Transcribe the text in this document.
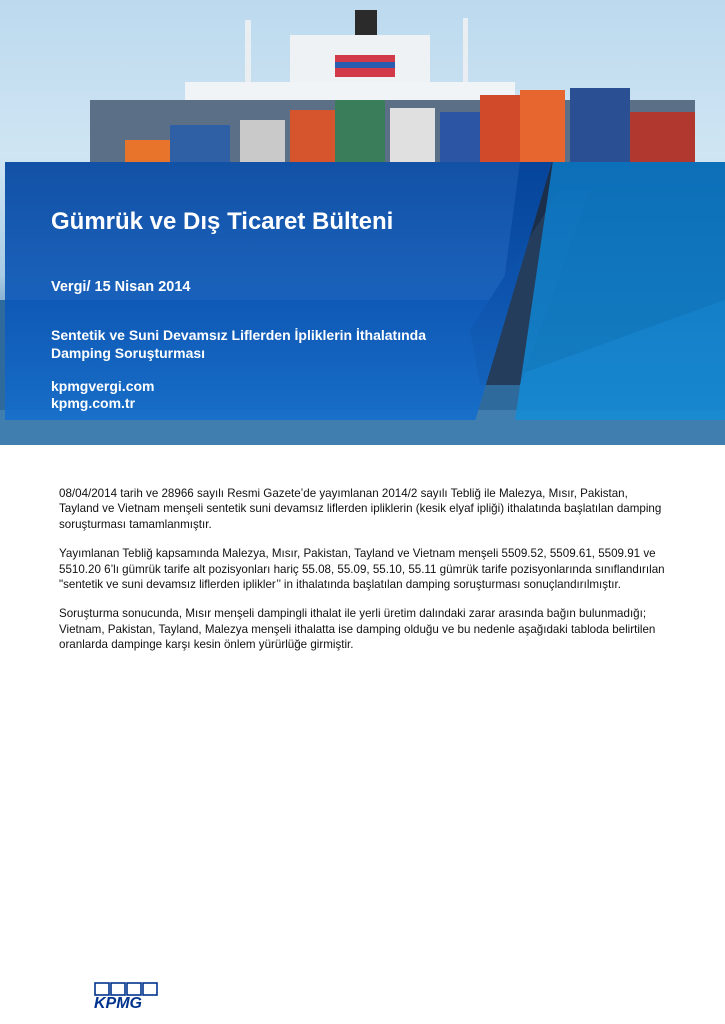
Gümrük ve Dış Ticaret Bülteni
Vergi/ 15 Nisan 2014
Sentetik ve Suni Devamsız Liflerden İpliklerin İthalatında
Damping Soruşturması
kpmgvergi.com
kpmg.com.tr

08/04/2014 tarih ve 28966 sayılı Resmi Gazete’de yayımlanan 2014/2 sayılı Tebliğ ile Malezya, Mısır, Pakistan, Tayland ve Vietnam menşeli sentetik suni devamsız liflerden ipliklerin (kesik elyaf ipliği) ithalatında başlatılan damping soruşturması tamamlanmıştır.

Yayımlanan Tebliğ kapsamında Malezya, Mısır, Pakistan, Tayland ve Vietnam menşeli 5509.52, 5509.61, 5509.91 ve 5510.20 6’lı gümrük tarife alt pozisyonları hariç 55.08, 55.09, 55.10, 55.11 gümrük tarife pozisyonlarında sınıflandırılan "sentetik ve suni devamsız liflerden iplikler’’ in ithalatında başlatılan damping soruşturması sonuçlandırılmıştır.

Soruşturma sonucunda, Mısır menşeli dampingli ithalat ile yerli üretim dalındaki zarar arasında bağın bulunmadığı; Vietnam, Pakistan, Tayland, Malezya menşeli ithalatta ise damping olduğu ve bu nedenle aşağıdaki tabloda belirtilen oranlarda dampinge karşı kesin önlem yürürlüğe girmiştir.

KPMG
